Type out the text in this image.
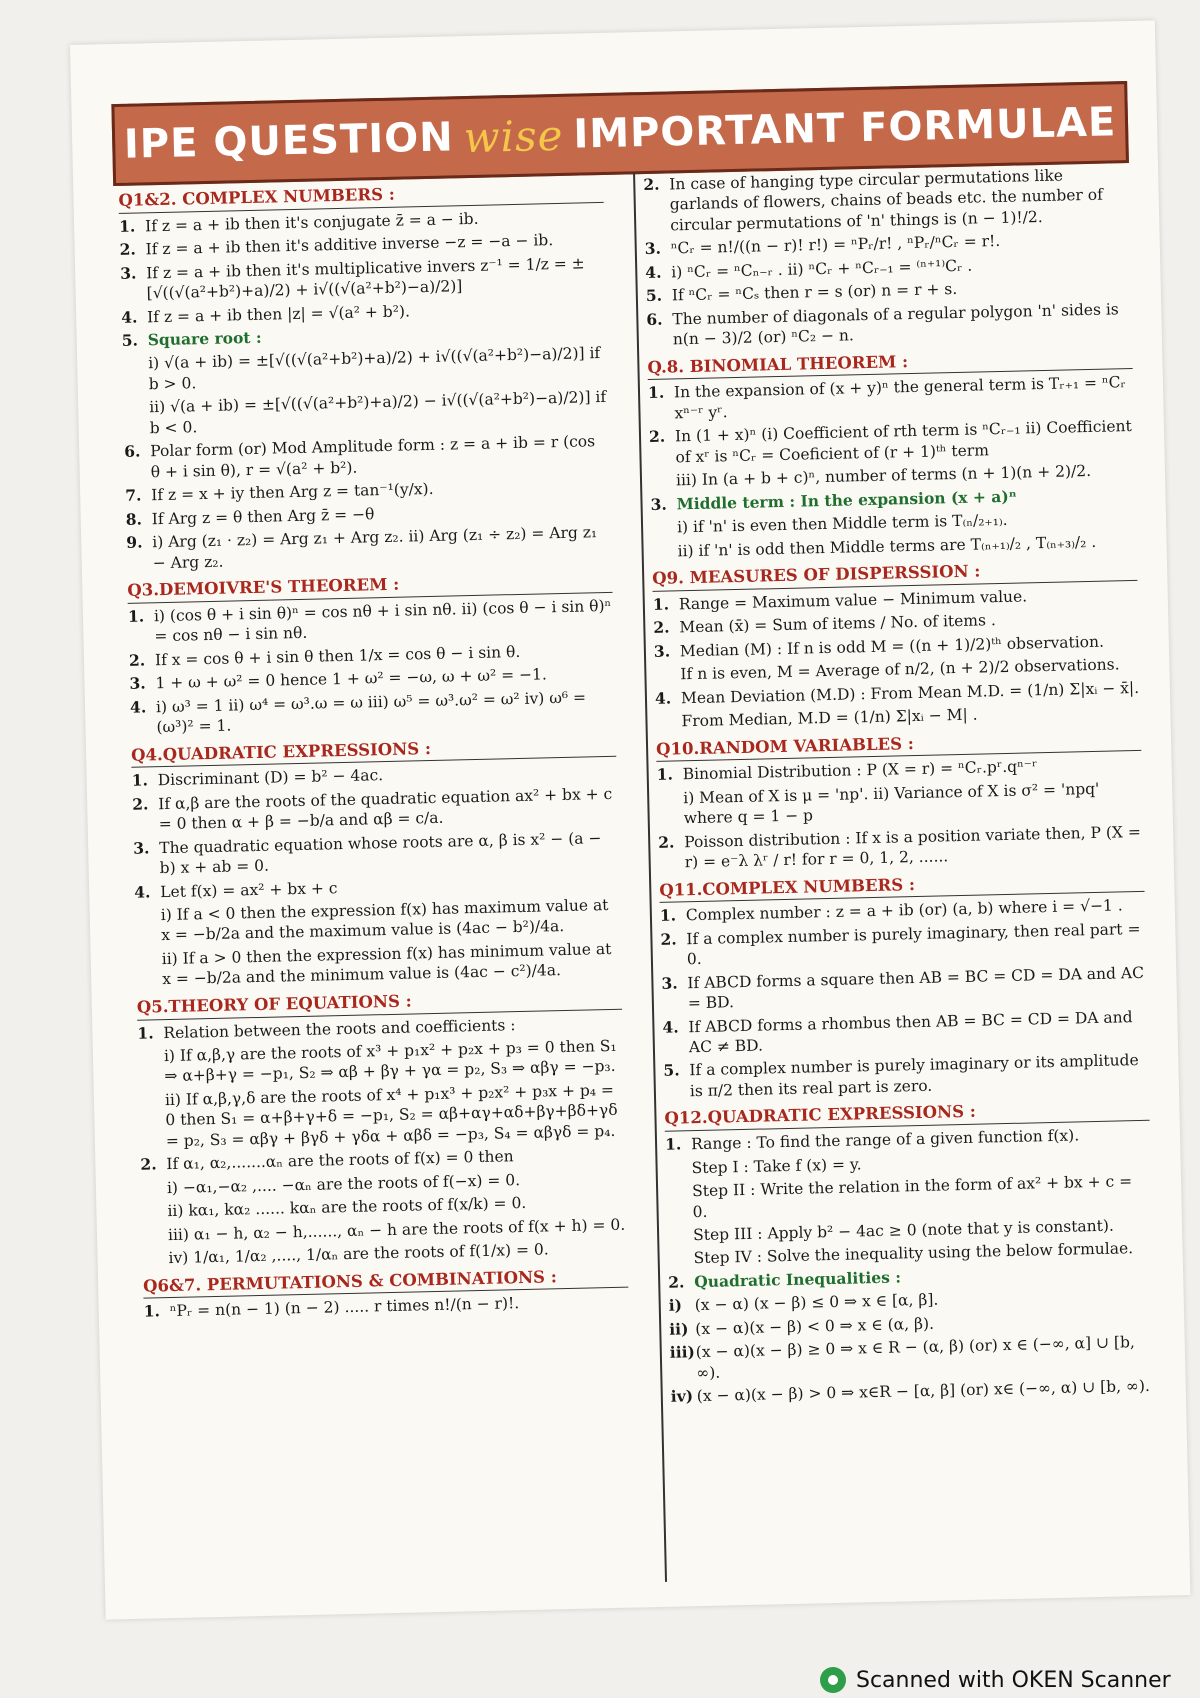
IPE QUESTION wise IMPORTANT FORMULAE
Q1&2. COMPLEX NUMBERS :
1. If z = a + ib then it's conjugate z̄ = a − ib.
2. If z = a + ib then it's additive inverse −z = −a − ib.
3. If z = a + ib then it's multiplicative invers z⁻¹ = 1/z = ±[√((√(a²+b²)+a)/2) + i√((√(a²+b²)−a)/2)]
4. If z = a + ib then |z| = √(a² + b²).
5. Square root :
i) √(a + ib) = ±[√((√(a²+b²)+a)/2) + i√((√(a²+b²)−a)/2)] if b > 0.
ii) √(a + ib) = ±[√((√(a²+b²)+a)/2) − i√((√(a²+b²)−a)/2)] if b < 0.
6. Polar form (or) Mod Amplitude form : z = a + ib = r (cos θ + i sin θ), r = √(a² + b²).
7. If z = x + iy then Arg z = tan⁻¹(y/x).
8. If Arg z = θ then Arg z̄ = −θ
9. i) Arg (z₁ · z₂) = Arg z₁ + Arg z₂. ii) Arg (z₁ ÷ z₂) = Arg z₁ − Arg z₂.
Q3.DEMOIVRE'S THEOREM :
1. i) (cos θ + i sin θ)ⁿ = cos nθ + i sin nθ. ii) (cos θ − i sin θ)ⁿ = cos nθ − i sin nθ.
2. If x = cos θ + i sin θ then 1/x = cos θ − i sin θ.
3. 1 + ω + ω² = 0 hence 1 + ω² = −ω, ω + ω² = −1.
4. i) ω³ = 1 ii) ω⁴ = ω³.ω = ω iii) ω⁵ = ω³.ω² = ω² iv) ω⁶ = (ω³)² = 1.
Q4.QUADRATIC EXPRESSIONS :
1. Discriminant (D) = b² − 4ac.
2. If α,β are the roots of the quadratic equation ax² + bx + c = 0 then α + β = −b/a and αβ = c/a.
3. The quadratic equation whose roots are α, β is x² − (a − b) x + ab = 0.
4. Let f(x) = ax² + bx + c
i) If a < 0 then the expression f(x) has maximum value at x = −b/2a and the maximum value is (4ac − b²)/4a.
ii) If a > 0 then the expression f(x) has minimum value at x = −b/2a and the minimum value is (4ac − c²)/4a.
Q5.THEORY OF EQUATIONS :
1. Relation between the roots and coefficients :
i) If α,β,γ are the roots of x³ + p₁x² + p₂x + p₃ = 0 then S₁ ⇒ α+β+γ = −p₁, S₂ ⇒ αβ + βγ + γα = p₂, S₃ ⇒ αβγ = −p₃.
ii) If α,β,γ,δ are the roots of x⁴ + p₁x³ + p₂x² + p₃x + p₄ = 0 then S₁ = α+β+γ+δ = −p₁, S₂ = αβ+αγ+αδ+βγ+βδ+γδ = p₂, S₃ = αβγ + βγδ + γδα + αβδ = −p₃, S₄ = αβγδ = p₄.
2. If α₁, α₂,.......αₙ are the roots of f(x) = 0 then
i) −α₁,−α₂ ,.... −αₙ are the roots of f(−x) = 0.
ii) kα₁, kα₂ ...... kαₙ are the roots of f(x/k) = 0.
iii) α₁ − h, α₂ − h,......, αₙ − h are the roots of f(x + h) = 0.
iv) 1/α₁, 1/α₂ ,...., 1/αₙ are the roots of f(1/x) = 0.
Q6&7. PERMUTATIONS & COMBINATIONS :
1. ⁿPᵣ = n(n − 1) (n − 2) ..... r times n!/(n − r)!.
2. In case of hanging type circular permutations like garlands of flowers, chains of beads etc. the number of circular permutations of 'n' things is (n − 1)!/2.
3. ⁿCᵣ = n!/((n − r)! r!) = ⁿPᵣ/r! , ⁿPᵣ/ⁿCᵣ = r!.
4. i) ⁿCᵣ = ⁿCₙ₋ᵣ . ii) ⁿCᵣ + ⁿCᵣ₋₁ = ⁽ⁿ⁺¹⁾Cᵣ .
5. If ⁿCᵣ = ⁿCₛ then r = s (or) n = r + s.
6. The number of diagonals of a regular polygon 'n' sides is n(n − 3)/2 (or) ⁿC₂ − n.
Q.8. BINOMIAL THEOREM :
1. In the expansion of (x + y)ⁿ the general term is Tᵣ₊₁ = ⁿCᵣ xⁿ⁻ʳ yʳ.
2. In (1 + x)ⁿ (i) Coefficient of rth term is ⁿCᵣ₋₁ ii) Coefficient of xʳ is ⁿCᵣ = Coeficient of (r + 1)ᵗʰ term
iii) In (a + b + c)ⁿ, number of terms (n + 1)(n + 2)/2.
3. Middle term : In the expansion (x + a)ⁿ
i) if 'n' is even then Middle term is T₍ₙ/₂₊₁₎.
ii) if 'n' is odd then Middle terms are T₍ₙ₊₁₎/₂ , T₍ₙ₊₃₎/₂ .
Q9. MEASURES OF DISPERSSION :
1. Range = Maximum value − Minimum value.
2. Mean (x̄) = Sum of items / No. of items .
3. Median (M) : If n is odd M = ((n + 1)/2)ᵗʰ observation.
If n is even, M = Average of n/2, (n + 2)/2 observations.
4. Mean Deviation (M.D) : From Mean M.D. = (1/n) Σ|xᵢ − x̄|.
From Median, M.D = (1/n) Σ|xᵢ − M| .
Q10.RANDOM VARIABLES :
1. Binomial Distribution : P (X = r) = ⁿCᵣ.pʳ.qⁿ⁻ʳ
i) Mean of X is μ = 'np'. ii) Variance of X is σ² = 'npq' where q = 1 − p
2. Poisson distribution : If x is a position variate then, P (X = r) = e⁻λ λʳ / r! for r = 0, 1, 2, ......
Q11.COMPLEX NUMBERS :
1. Complex number : z = a + ib (or) (a, b) where i = √−1 .
2. If a complex number is purely imaginary, then real part = 0.
3. If ABCD forms a square then AB = BC = CD = DA and AC = BD.
4. If ABCD forms a rhombus then AB = BC = CD = DA and AC ≠ BD.
5. If a complex number is purely imaginary or its amplitude is π/2 then its real part is zero.
Q12.QUADRATIC EXPRESSIONS :
1. Range : To find the range of a given function f(x).
Step I : Take f (x) = y.
Step II : Write the relation in the form of ax² + bx + c = 0.
Step III : Apply b² − 4ac ≥ 0 (note that y is constant).
Step IV : Solve the inequality using the below formulae.
2. Quadratic Inequalities :
i) (x − α) (x − β) ≤ 0 ⇒ x ∈ [α, β].
ii) (x − α)(x − β) < 0 ⇒ x ∈ (α, β).
iii) (x − α)(x − β) ≥ 0 ⇒ x ∈ R − (α, β) (or) x ∈ (−∞, α] ∪ [b, ∞).
iv) (x − α)(x − β) > 0 ⇒ x∈R − [α, β] (or) x∈ (−∞, α) ∪ [b, ∞).
Scanned with OKEN Scanner
